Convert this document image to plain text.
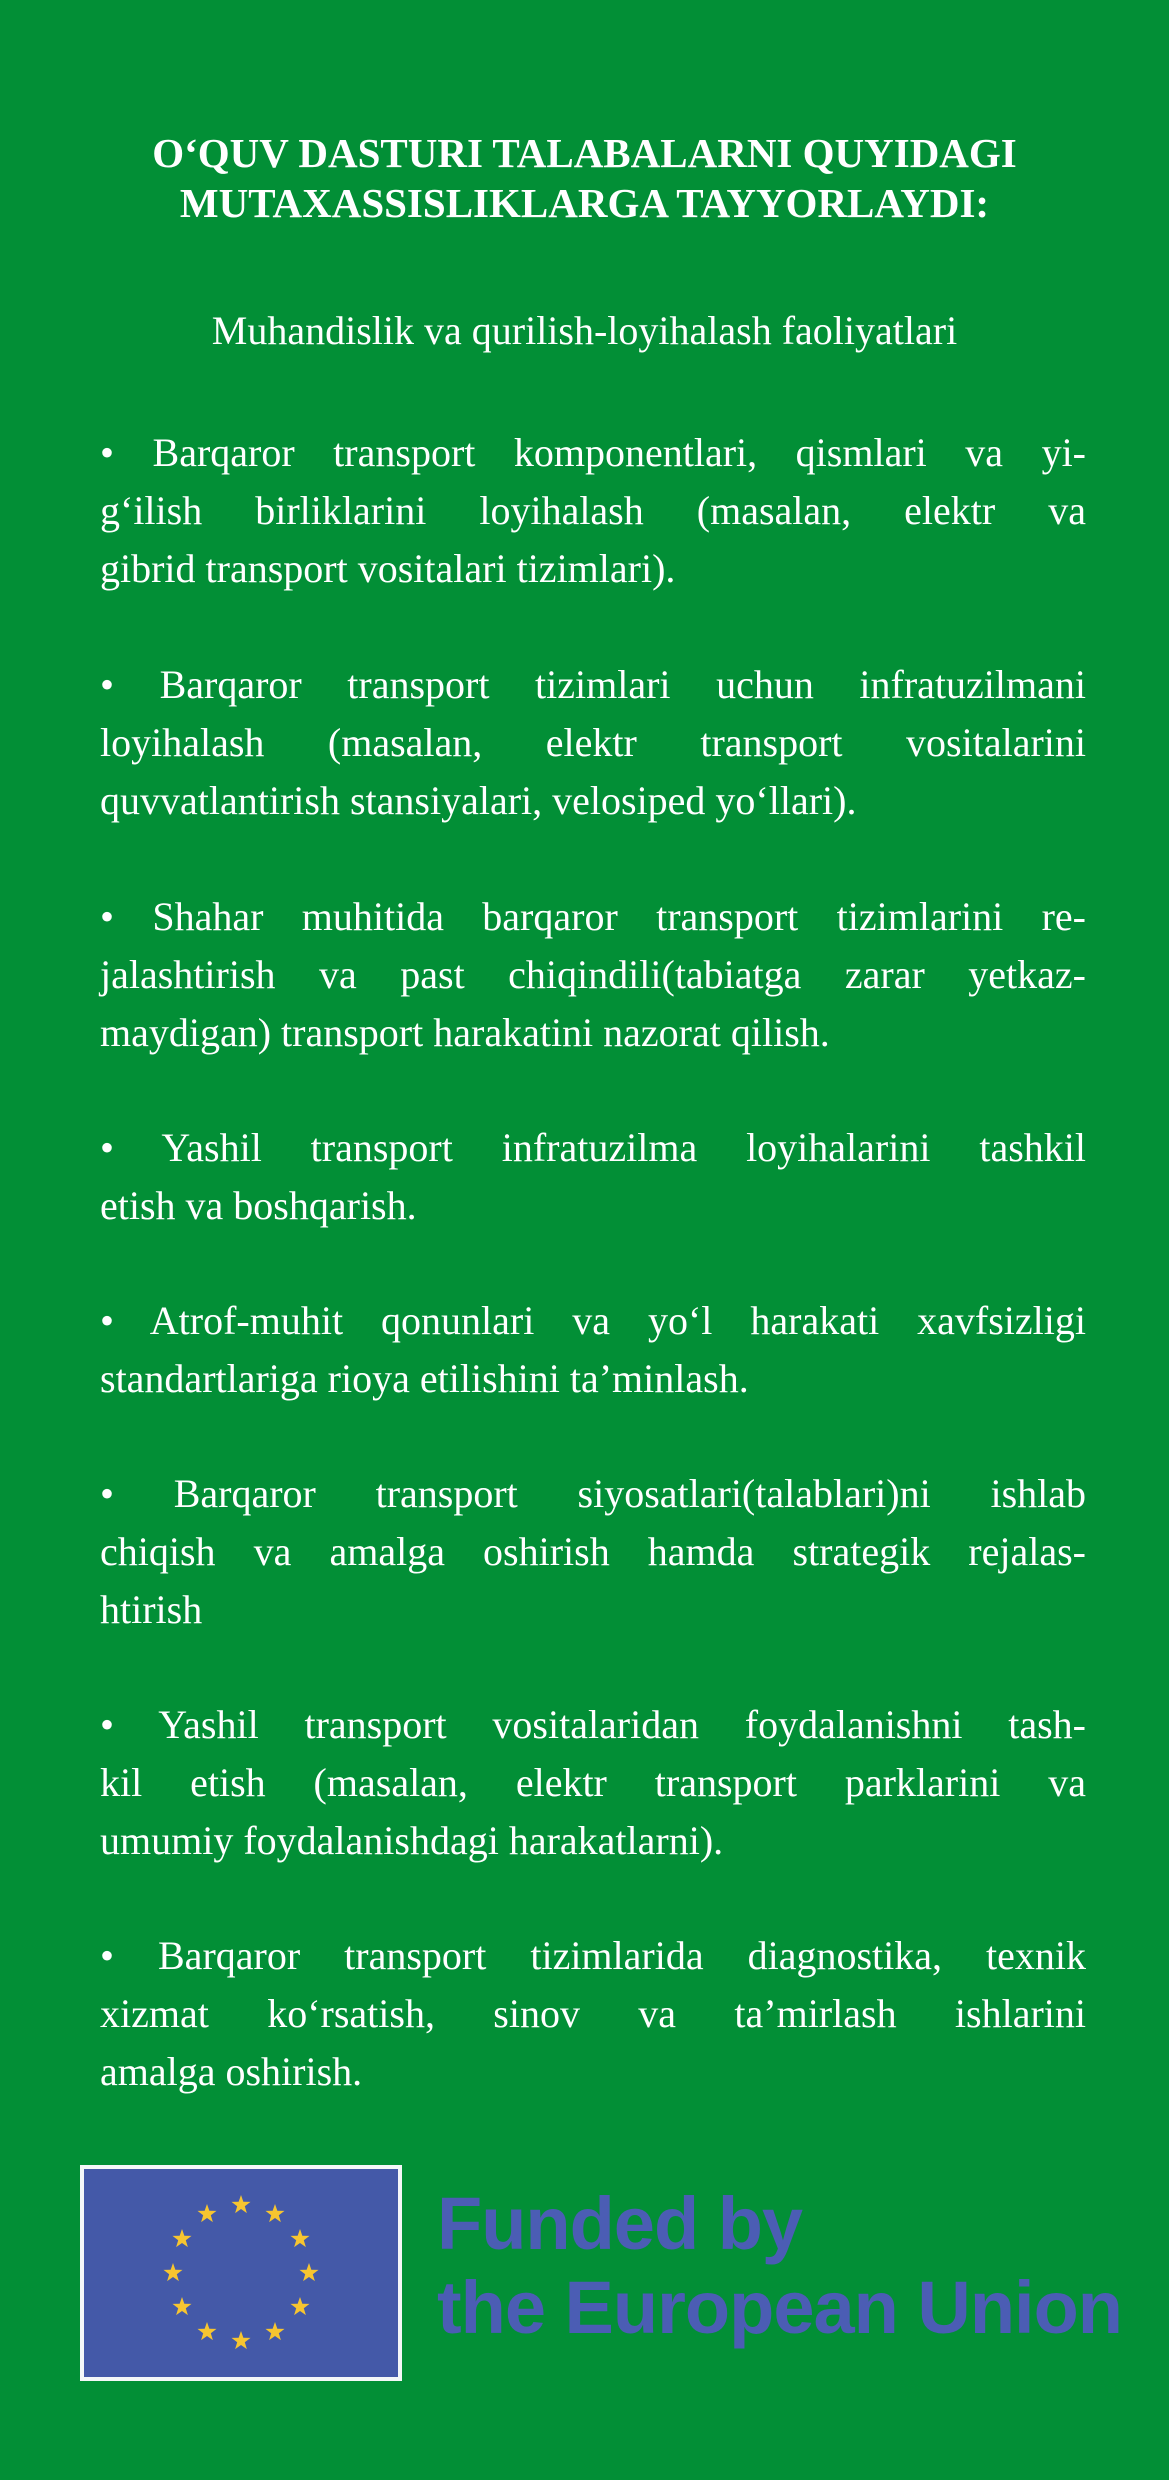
O‘QUV DASTURI TALABALARNI QUYIDAGI
MUTAXASSISLIKLARGA TAYYORLAYDI:
Muhandislik va qurilish-loyihalash faoliyatlari
• Barqaror transport komponentlari, qismlari va yi-
g‘ilish birliklarini loyihalash (masalan, elektr va
gibrid transport vositalari tizimlari).
• Barqaror transport tizimlari uchun infratuzilmani
loyihalash (masalan, elektr transport vositalarini
quvvatlantirish stansiyalari, velosiped yo‘llari).
• Shahar muhitida barqaror transport tizimlarini re-
jalashtirish va past chiqindili(tabiatga zarar yetkaz-
maydigan) transport harakatini nazorat qilish.
• Yashil transport infratuzilma loyihalarini tashkil
etish va boshqarish.
• Atrof-muhit qonunlari va yo‘l harakati xavfsizligi
standartlariga rioya etilishini ta’minlash.
• Barqaror transport siyosatlari(talablari)ni ishlab
chiqish va amalga oshirish hamda strategik rejalas-
htirish
• Yashil transport vositalaridan foydalanishni tash-
kil etish (masalan, elektr transport parklarini va
umumiy foydalanishdagi harakatlarni).
• Barqaror transport tizimlarida diagnostika, texnik
xizmat ko‘rsatish, sinov va ta’mirlash ishlarini
amalga oshirish.
Funded by
the European Union
